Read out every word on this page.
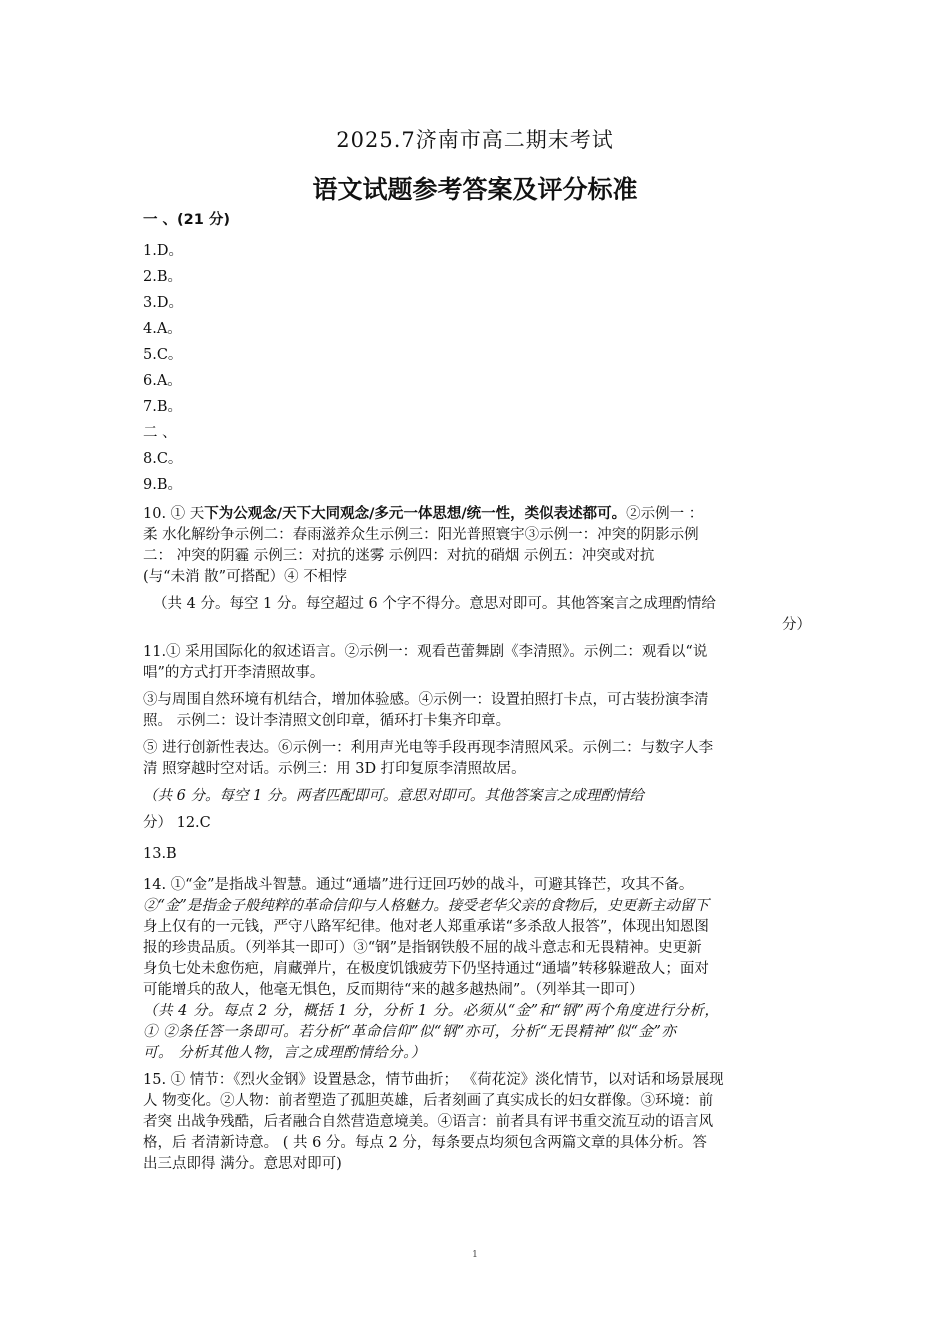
2025.7济南市高二期末考试
语文试题参考答案及评分标准
一 、(21 分)
1.D。
2.B。
3.D。
4.A。
5.C。
6.A。
7.B。
二 、
8.C。
9.B。
10. ① 天下为公观念/天下大同观念/多元一体思想/统一性，类似表述都可。②示例一 ：
柔 水化解纷争示例二：春雨滋养众生示例三：阳光普照寰宇③示例一：冲突的阴影示例
二： 冲突的阴霾 示例三：对抗的迷雾 示例四：对抗的硝烟 示例五：冲突或对抗
(与“未消 散”可搭配）④ 不相悖
（共 4 分。每空 1 分。每空超过 6 个字不得分。意思对即可。其他答案言之成理酌情给
分）
11.① 采用国际化的叙述语言。②示例一：观看芭蕾舞剧《李清照》。示例二：观看以“说
唱”的方式打开李清照故事。
③与周围自然环境有机结合，增加体验感。④示例一：设置拍照打卡点，可古装扮演李清
照。 示例二：设计李清照文创印章，循环打卡集齐印章。
⑤ 进行创新性表达。⑥示例一：利用声光电等手段再现李清照风采。示例二：与数字人李
清 照穿越时空对话。示例三：用 3D 打印复原李清照故居。
（共 6 分。每空 1 分。两者匹配即可。意思对即可。其他答案言之成理酌情给
分） 12.C
13.B
14. ①“金”是指战斗智慧。通过“通墙”进行迂回巧妙的战斗，可避其锋芒，攻其不备。
②“金”是指金子般纯粹的革命信仰与人格魅力。接受老华父亲的食物后，史更新主动留下
身上仅有的一元钱，严守八路军纪律。他对老人郑重承诺“多杀敌人报答”，体现出知恩图
报的珍贵品质。（列举其一即可）③“钢”是指钢铁般不屈的战斗意志和无畏精神。史更新
身负七处未愈伤疤，肩藏弹片，在极度饥饿疲劳下仍坚持通过“通墙”转移躲避敌人；面对
可能增兵的敌人，他毫无惧色，反而期待“来的越多越热闹”。（列举其一即可）
（共 4 分。每点 2 分，概括 1 分，分析 1 分。必须从“金”和“钢”两个角度进行分析，
① ②条任答一条即可。若分析“革命信仰”似“钢”亦可，分析“无畏精神”似“金”亦
可。 分析其他人物，言之成理酌情给分。）
15. ① 情节：《烈火金钢》设置悬念，情节曲折； 《荷花淀》淡化情节，以对话和场景展现
人 物变化。②人物：前者塑造了孤胆英雄，后者刻画了真实成长的妇女群像。③环境：前
者突 出战争残酷，后者融合自然营造意境美。④语言：前者具有评书重交流互动的语言风
格，后 者清新诗意。 ( 共 6 分。每点 2 分，每条要点均须包含两篇文章的具体分析。答
出三点即得 满分。意思对即可)
1
